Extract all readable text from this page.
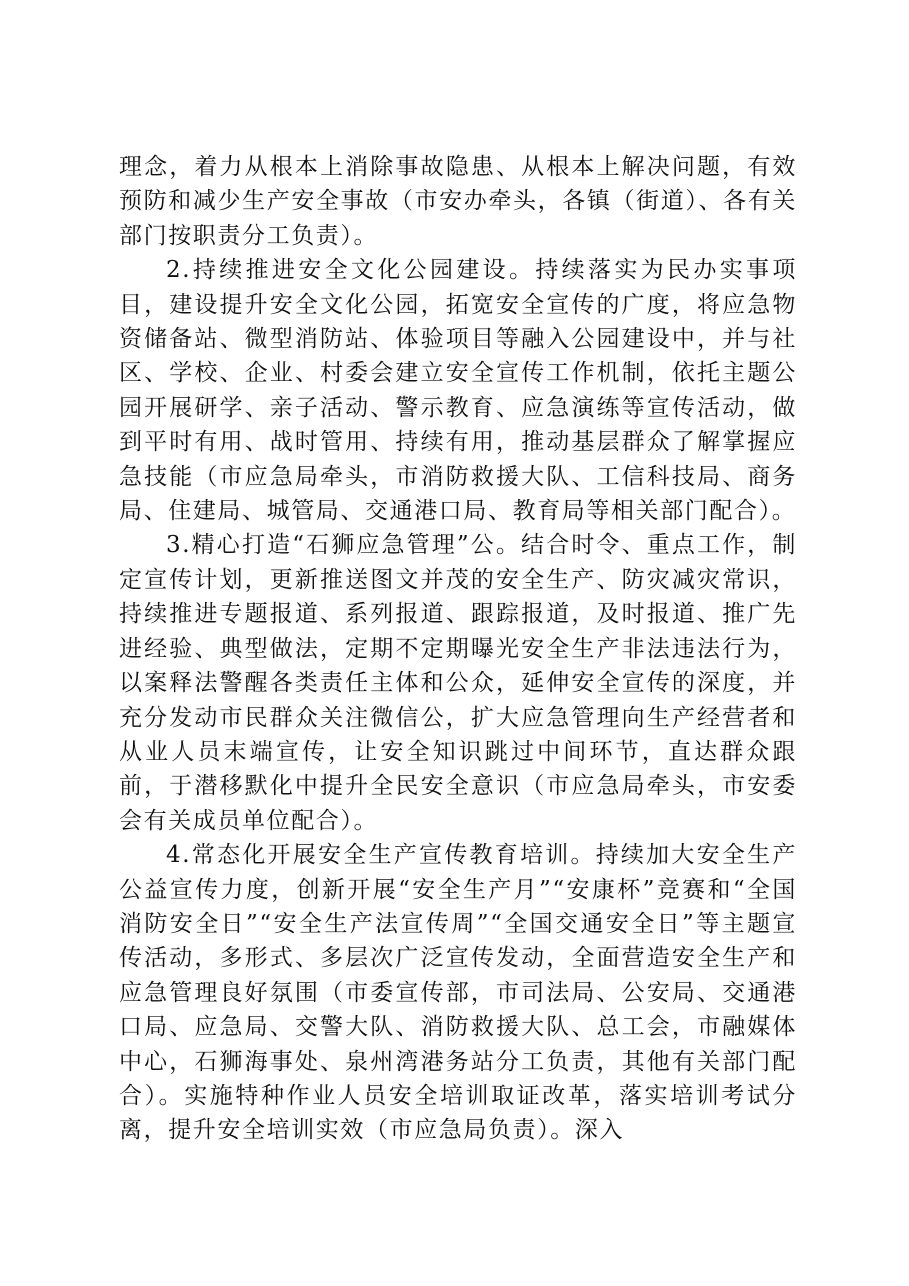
理念，着力从根本上消除事故隐患、从根本上解决问题，有效预防和减少生产安全事故（市安办牵头，各镇（街道）、各有关部门按职责分工负责）。

2.持续推进安全文化公园建设。持续落实为民办实事项目，建设提升安全文化公园，拓宽安全宣传的广度，将应急物资储备站、微型消防站、体验项目等融入公园建设中，并与社区、学校、企业、村委会建立安全宣传工作机制，依托主题公园开展研学、亲子活动、警示教育、应急演练等宣传活动，做到平时有用、战时管用、持续有用，推动基层群众了解掌握应急技能（市应急局牵头，市消防救援大队、工信科技局、商务局、住建局、城管局、交通港口局、教育局等相关部门配合）。

3.精心打造“石狮应急管理”公。结合时令、重点工作，制定宣传计划，更新推送图文并茂的安全生产、防灾减灾常识，持续推进专题报道、系列报道、跟踪报道，及时报道、推广先进经验、典型做法，定期不定期曝光安全生产非法违法行为，以案释法警醒各类责任主体和公众，延伸安全宣传的深度，并充分发动市民群众关注微信公，扩大应急管理向生产经营者和从业人员末端宣传，让安全知识跳过中间环节，直达群众跟前，于潜移默化中提升全民安全意识（市应急局牵头，市安委会有关成员单位配合）。

4.常态化开展安全生产宣传教育培训。持续加大安全生产公益宣传力度，创新开展“安全生产月”“安康杯”竞赛和“全国消防安全日”“安全生产法宣传周”“全国交通安全日”等主题宣传活动，多形式、多层次广泛宣传发动，全面营造安全生产和应急管理良好氛围（市委宣传部，市司法局、公安局、交通港口局、应急局、交警大队、消防救援大队、总工会，市融媒体中心，石狮海事处、泉州湾港务站分工负责，其他有关部门配合）。实施特种作业人员安全培训取证改革，落实培训考试分离，提升安全培训实效（市应急局负责）。深入
